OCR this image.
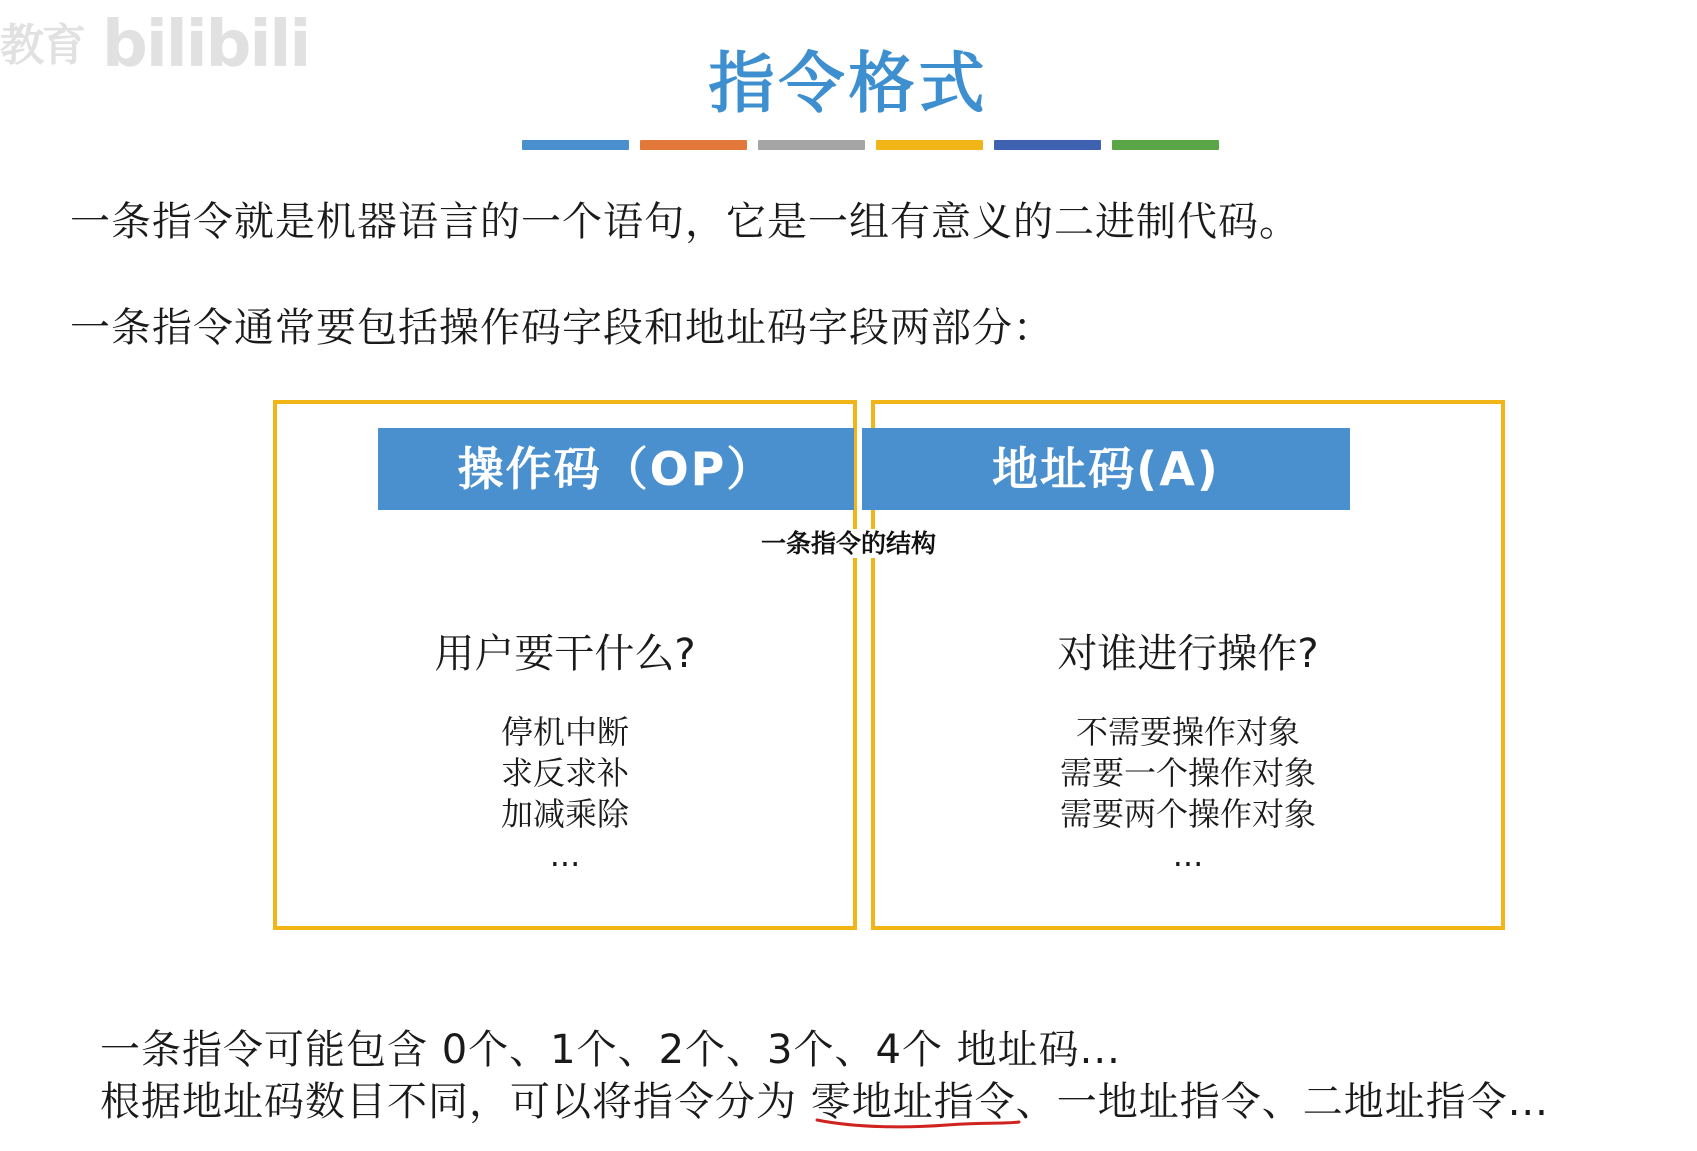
教育 bilibili	指令格式
一条指令就是机器语言的一个语句，它是一组有意义的二进制代码。
一条指令通常要包括操作码字段和地址码字段两部分：
操作码（OP）	地址码(A)
一条指令的结构
用户要干什么?	对谁进行操作?
停机中断
求反求补
加减乘除
...
不需要操作对象
需要一个操作对象
需要两个操作对象
...
一条指令可能包含 0个、1个、2个、3个、4个 地址码...
根据地址码数目不同，可以将指令分为 零地址指令
、一地址指令、二地址指令...
